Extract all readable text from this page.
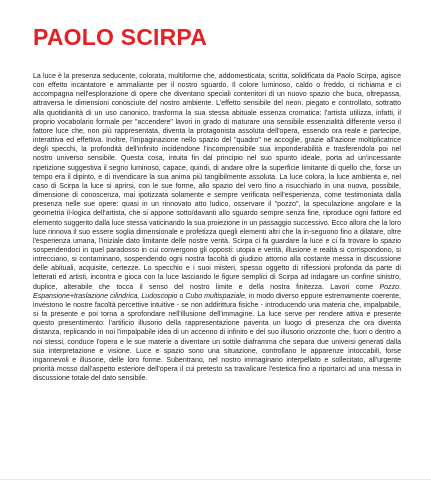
PAOLO SCIRPA

La luce è la presenza seducente, colorata, multiforme che, addomesticata, scritta, solidificata da Paolo Scirpa, agisce con effetto incantatore e ammaliante per il nostro sguardo. Il colore luminoso, caldo o freddo, ci richiama e ci accompagna nell'esplorazione di opere che diventano speciali contenitori di un nuovo spazio che buca, oltrepassa, attraversa le dimensioni conosciute del nostro ambiente. L'effetto sensibile del neon, piegato e controllato, sottratto alla quotidianità di un uso canonico, trasforma la sua stessa abituale essenza cromatica: l'artista utilizza, infatti, il proprio vocabolario formale per "accendere" lavori in grado di maturare una sensibile essenzialità differente verso il fattore luce che, non più rappresentata, diventa la protagonista assoluta dell'opera, essendo ora reale e partecipe, interattiva ed effettiva. Inoltre, l'impaginazione nello spazio del "quadro" ne accoglie, grazie all'azione moltiplicatrice degli specchi, la profondità dell'infinito incidendone l'incomprensibile sua imponderabilità e trasferendola poi nel nostro universo sensibile. Questa cosa, intuita fin dal principio nel suo spunto ideale, porta ad un'incessante ripetizione suggestiva il segno luminoso, capace, quindi, di andare oltre la superficie limitante di quello che, forse un tempo era il dipinto, e di rivendicare la sua anima più tangibilmente assoluta. La luce colora, la luce ambienta e, nel caso di Scirpa la luce si aprirsi, con le sue forme, allo spazio del vero fino a risucchiarlo in una nuova, possibile, dimensione di conoscenza, mai ipotizzata solamente e sempre verificata nell'esperienza, come testimoniata dalla presenza nelle sue opere: quasi in un rinnovato atto ludico, osservare il "pozzo", la speculazione angolare e la geometria il-logica dell'artista, che si appone sotto/davanti allo sguardo sempre senza fine, riproduce ogni fattore ed elemento suggerito dalla luce stessa vaticinando la sua proiezione in un passaggio successivo. Ecco allora che la loro luce rinnova il suo essere soglia dimensionale e profetizza quegli elementi altri che la in-seguono fino a dilatare, oltre l'esperienza umana, l'iniziale dato limitante delle nostre verità. Scirpa ci fa guardare la luce e ci fa trovare lo spazio sospendendoci in quel paradosso in cui convergono gli opposti: utopia e verità, illusione e realtà si corrispondono, si intrecciano, si contaminano, sospendendo ogni nostra facoltà di giudizio attorno alla costante messa in discussione delle abituali, acquisite, certezze. Lo specchio e i suoi misteri, spesso oggetto di riflessioni profonda da parte di letterati ed artisti, incontra e gioca con la luce lasciando le figure semplici di Scirpa ad indagare un confine sinistro, duplice, alterabile che tocca il senso del nostro limite e della nostra finitezza. Lavori come Pozzo. Espansione+traslazione cilindrica, Ludoscopio o Cubo multispaziale, in modo diverso eppure estremamente coerente, investono le nostre facoltà percettive intuitive - se non addirittura fisiche - introducendo una materia che, impalpabile, si fa presente e poi torna a sprofondare nell'illusione dell'immagine. La luce serve per rendere attiva e presente questo presentimento: l'artificio illusorio della rappresentazione paventa un luogo di presenza che ora diventa distanza, replicando in noi l'impalpabile idea di un accenno di infinito e del suo illusorio orizzonte che, fuori o dentro a noi stessi, conduce l'opera e le sue materie a diventare un sottile diaframma che separa due universi generati dalla sua interpretazione e visione. Luce e spazio sono una situazione, controllano le apparenze intoccabili, forse ingannevoli e illusorie, delle loro forme. Subentrano, nel nostro immaginario interpellato e sollecitato, all'urgente priorità mosso dall'aspetto esteriore dell'opera il cui pretesto sa travalicare l'estetica fino a riportarci ad una messa in discussione totale del dato sensibile.
